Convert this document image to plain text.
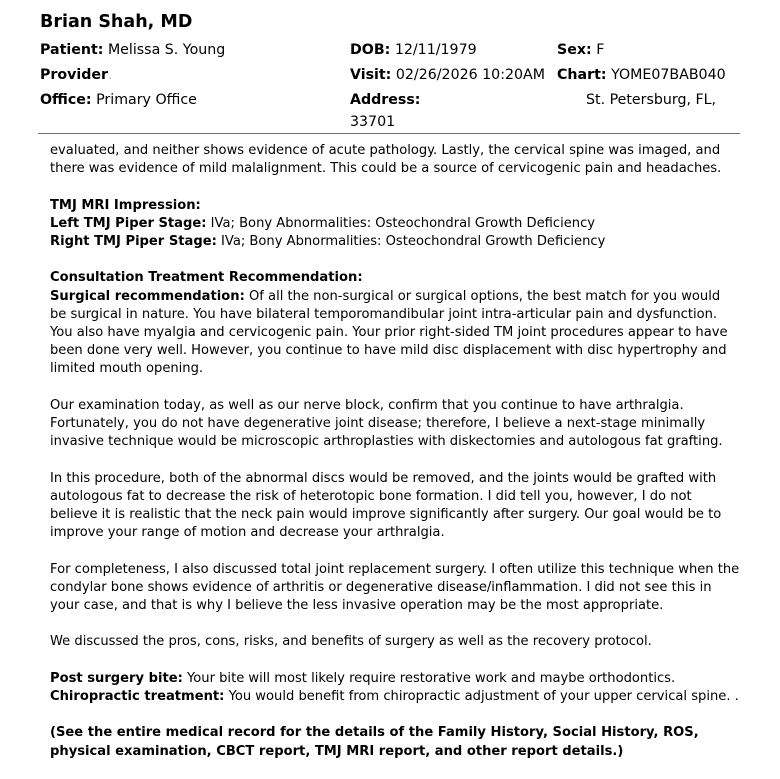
Brian Shah, MD
Patient: Melissa S. Young	DOB: 12/11/1979	Sex: F
Provider.	Visit: 02/26/2026 10:20AM Chart: YOME07BAB040
Office: Primary Office	Address:	St. Petersburg, FL,
33701

evaluated, and neither shows evidence of acute pathology. Lastly, the cervical spine was imaged, and there was evidence of mild malalignment. This could be a source of cervicogenic pain and headaches.

TMJ MRI Impression:
Left TMJ Piper Stage: IVa; Bony Abnormalities: Osteochondral Growth Deficiency
Right TMJ Piper Stage: IVa; Bony Abnormalities: Osteochondral Growth Deficiency

Consultation Treatment Recommendation:
Surgical recommendation: Of all the non-surgical or surgical options, the best match for you would be surgical in nature. You have bilateral temporomandibular joint intra-articular pain and dysfunction. You also have myalgia and cervicogenic pain. Your prior right-sided TM joint procedures appear to have been done very well. However, you continue to have mild disc displacement with disc hypertrophy and limited mouth opening.

Our examination today, as well as our nerve block, confirm that you continue to have arthralgia. Fortunately, you do not have degenerative joint disease; therefore, I believe a next-stage minimally invasive technique would be microscopic arthroplasties with diskectomies and autologous fat grafting.

In this procedure, both of the abnormal discs would be removed, and the joints would be grafted with autologous fat to decrease the risk of heterotopic bone formation. I did tell you, however, I do not believe it is realistic that the neck pain would improve significantly after surgery. Our goal would be to improve your range of motion and decrease your arthralgia.

For completeness, I also discussed total joint replacement surgery. I often utilize this technique when the condylar bone shows evidence of arthritis or degenerative disease/inflammation. I did not see this in your case, and that is why I believe the less invasive operation may be the most appropriate.

We discussed the pros, cons, risks, and benefits of surgery as well as the recovery protocol.

Post surgery bite: Your bite will most likely require restorative work and maybe orthodontics.
Chiropractic treatment: You would benefit from chiropractic adjustment of your upper cervical spine. .

(See the entire medical record for the details of the Family History, Social History, ROS, physical examination, CBCT report, TMJ MRI report, and other report details.)
